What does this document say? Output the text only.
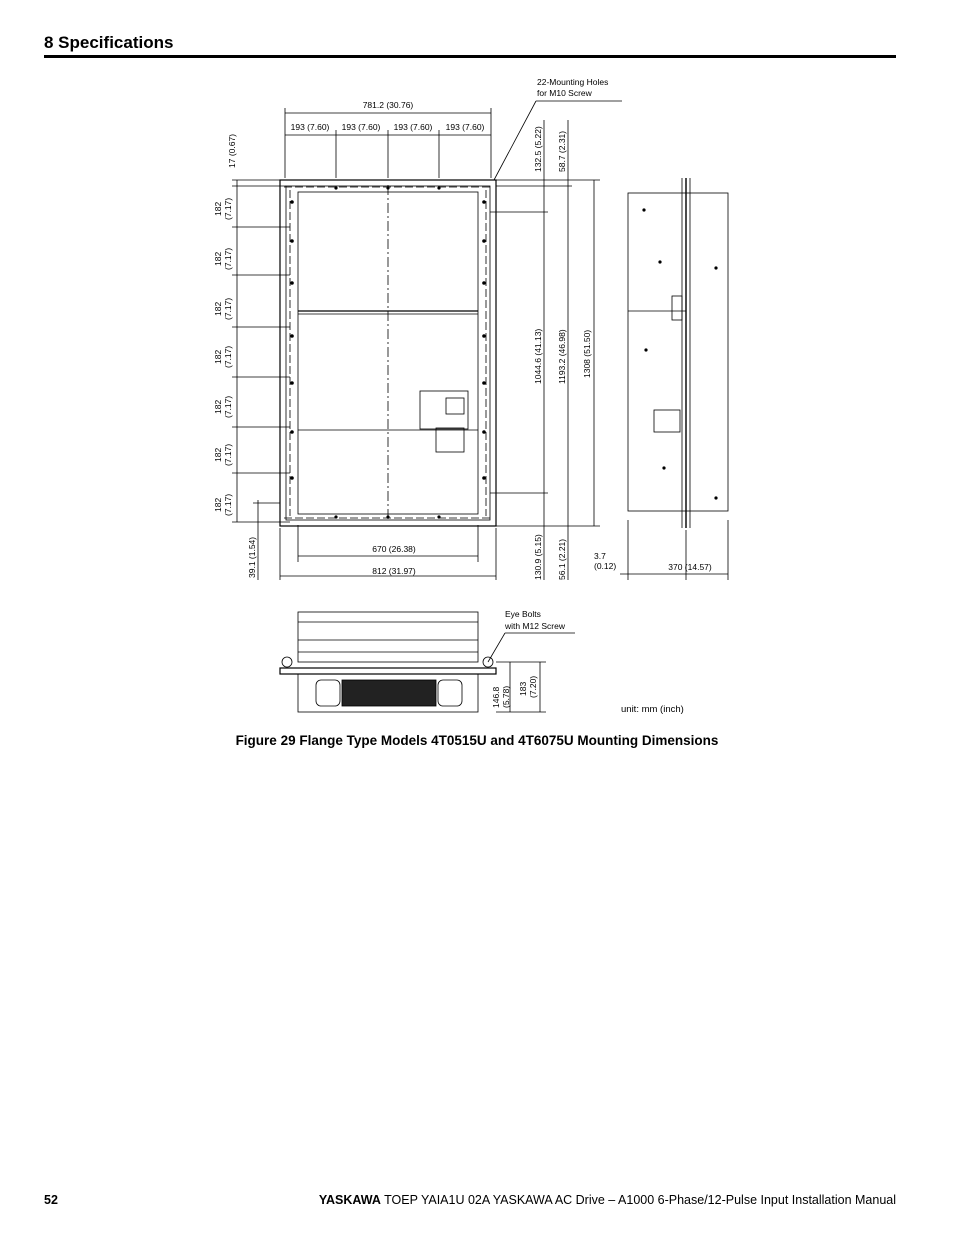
8 Specifications
22-Mounting Holes
for M10 Screw
781.2 (30.76)
193 (7.60) 193 (7.60) 193 (7.60) 193 (7.60)
17 (0.67)	132.5 (5.22) 58.7 (2.31)
182 (7.17)
182 (7.17)
182 (7.17)
182 (7.17)
182 (7.17)
182 (7.17)
182 (7.17)
1044.6 (41.13) 1193.2 (46.98) 1308 (51.50)
39.1 (1.54)	670 (26.38)
812 (31.97)	130.9 (5.15) 56.1 (2.21)	3.7
(0.12)	370 (14.57)
Eye Bolts
with M12 Screw
146.8 (5.78) 183 (7.20)
unit: mm (inch)
Figure 29 Flange Type Models 4T0515U and 4T6075U Mounting Dimensions
52	YASKAWA TOEP YAIA1U 02A YASKAWA AC Drive – A1000 6-Phase/12-Pulse Input Installation Manual
